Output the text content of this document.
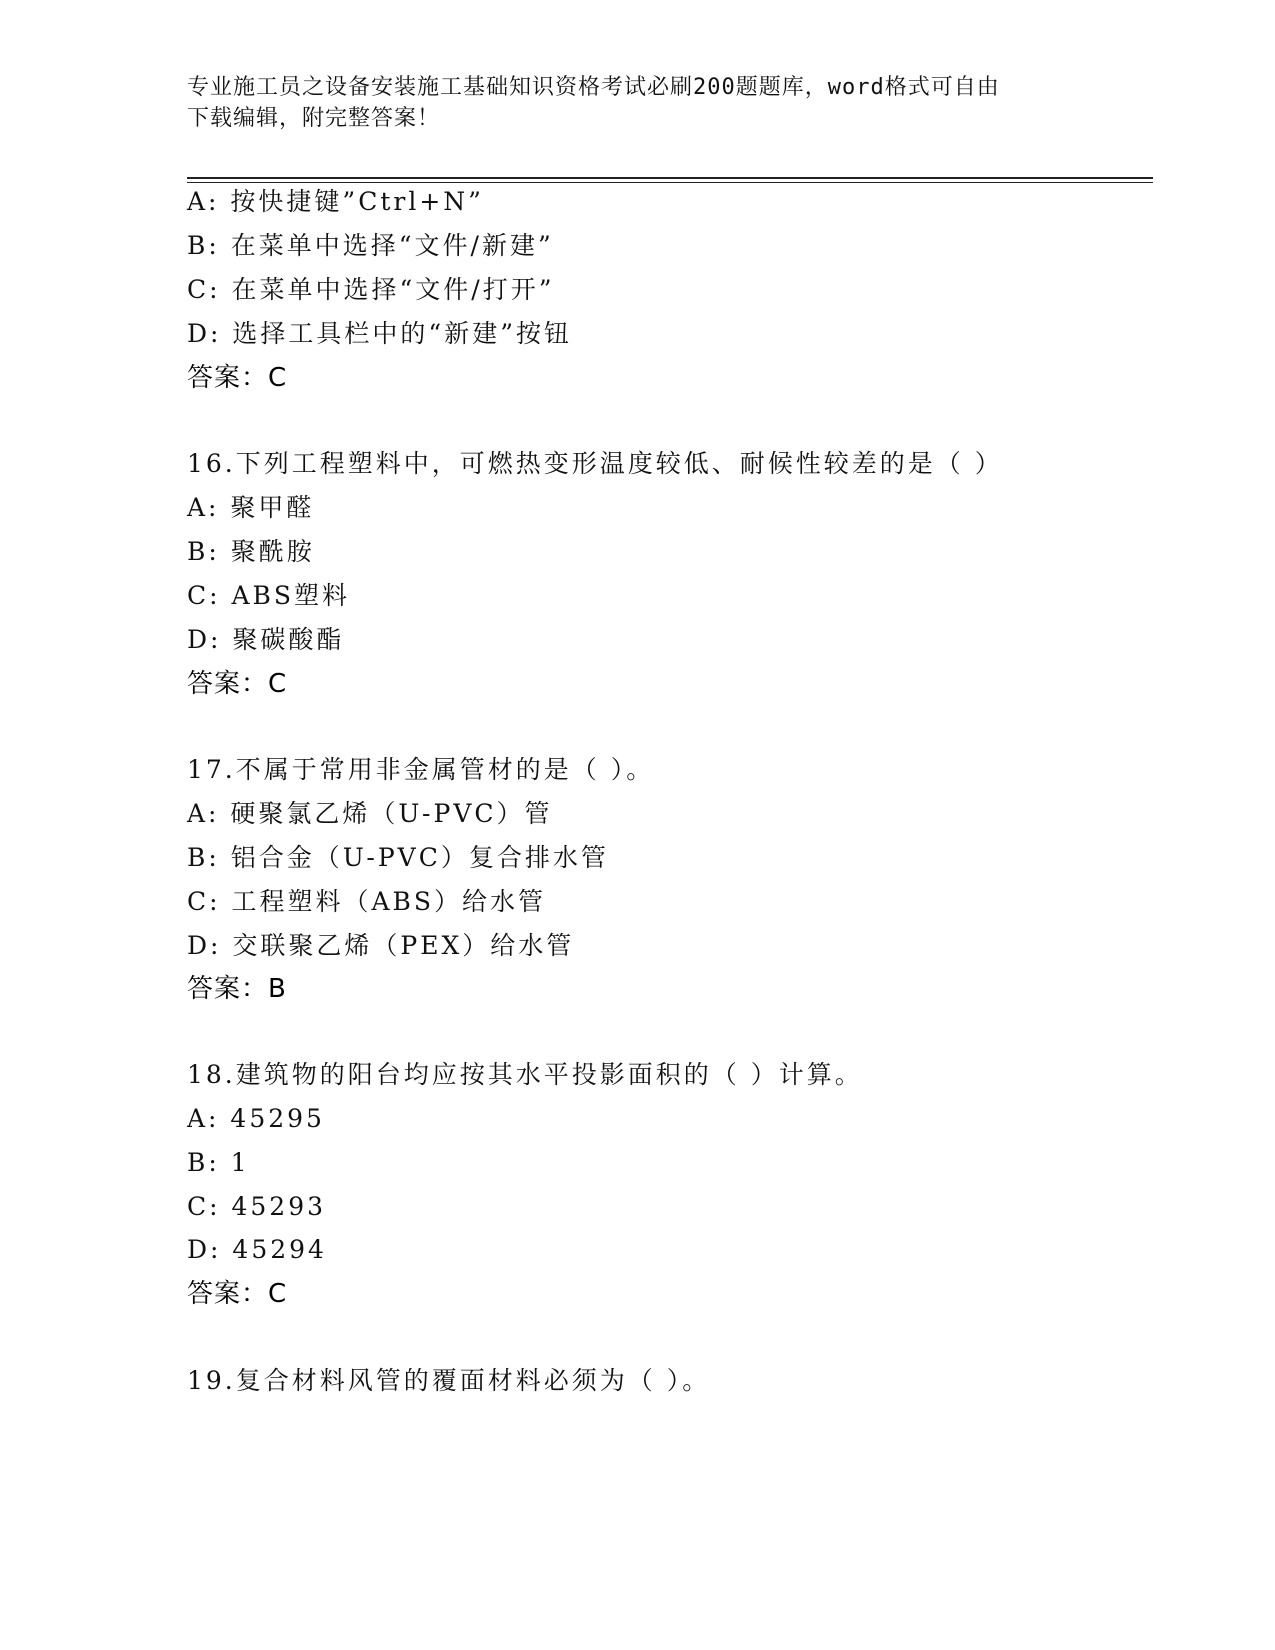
专业施工员之设备安装施工基础知识资格考试必刷200题题库，word格式可自由
下载编辑，附完整答案！
A: 按快捷键”Ctrl+N”
B: 在菜单中选择“文件/新建”
C: 在菜单中选择“文件/打开”
D: 选择工具栏中的“新建”按钮
答案：C
16.下列工程塑料中，可燃热变形温度较低、耐候性较差的是（ ）
A: 聚甲醛
B: 聚酰胺
C: ABS塑料
D: 聚碳酸酯
答案：C
17.不属于常用非金属管材的是（ ）。
A: 硬聚氯乙烯（U-PVC）管
B: 铝合金（U-PVC）复合排水管
C: 工程塑料（ABS）给水管
D: 交联聚乙烯（PEX）给水管
答案：B
18.建筑物的阳台均应按其水平投影面积的（ ）计算。
A: 45295
B: 1
C: 45293
D: 45294
答案：C
19.复合材料风管的覆面材料必须为（ ）。
